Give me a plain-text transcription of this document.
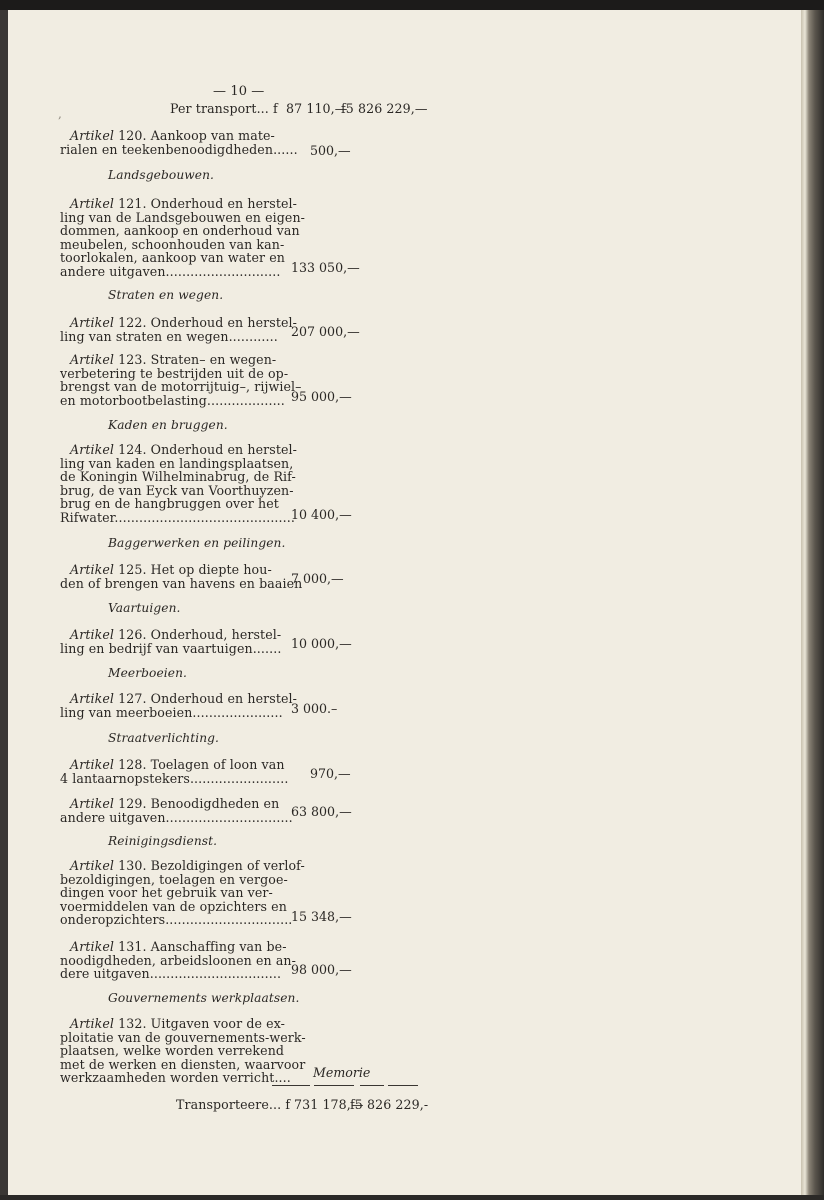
— 10 —
,	Per transport... f 87 110,—
f5 826 229,—
Artikel 120. Aankoop van mate-
rialen en teekenbenoodigdheden...... 500,—
Landsgebouwen.
Artikel 121. Onderhoud en herstel-
ling van de Landsgebouwen en eigen-
dommen, aankoop en onderhoud van
meubelen, schoonhouden van kan-
toorlokalen, aankoop van water en
andere uitgaven............................ 133 050,—
Straten en wegen.
Artikel 122. Onderhoud en herstel-
ling van straten en wegen............ 207 000,—
Artikel 123. Straten– en wegen-
verbetering te bestrijden uit de op-
brengst van de motorrijtuig–, rijwiel–
en motorbootbelasting................... 95 000,—
Kaden en bruggen.
Artikel 124. Onderhoud en herstel-
ling van kaden en landingsplaatsen,
de Koningin Wilhelminabrug, de Rif-
brug, de van Eyck van Voorthuyzen-
brug en de hangbruggen over het
Rifwater............................................
10 400,—
Baggerwerken en peilingen.
Artikel 125. Het op diepte hou-
den of brengen van havens en baaien
7 000,—
Vaartuigen.
Artikel 126. Onderhoud, herstel-
ling en bedrijf van vaartuigen....... 10 000,—
Meerboeien.
Artikel 127. Onderhoud en herstel-
ling van meerboeien...................... 3 000.–
Straatverlichting.
Artikel 128. Toelagen of loon van
4 lantaarnopstekers........................ 970,—
Artikel 129. Benoodigdheden en
andere uitgaven...............................
63 800,—
Reinigingsdienst.
Artikel 130. Bezoldigingen of verlof-
bezoldigingen, toelagen en vergoe-
dingen voor het gebruik van ver-
voermiddelen van de opzichters en
onderopzichters...............................
15 348,—
Artikel 131. Aanschaffing van be-
noodigdheden, arbeidsloonen en an-
dere uitgaven................................ 98 000,—
Gouvernements werkplaatsen.
Artikel 132. Uitgaven voor de ex-
ploitatie van de gouvernements-werk-
plaatsen, welke worden verrekend
met de werken en diensten, waarvoor
werkzaamheden worden verricht.... Memorie
Transporteere... f 731 178,—
f5 826 229,-
